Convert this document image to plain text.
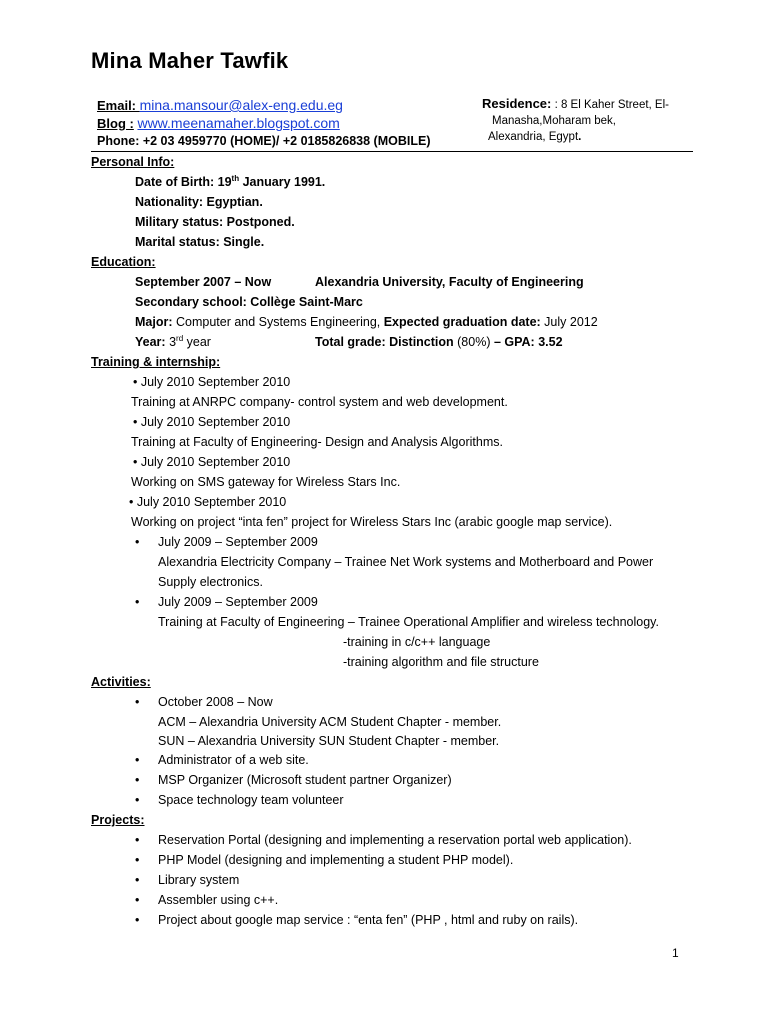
Mina Maher Tawfik
Email: mina.mansour@alex-eng.edu.eg
Blog : www.meenamaher.blogspot.com
Phone: +2 03 4959770 (HOME)/ +2 0185826838 (MOBILE)
Residence: : 8 El Kaher Street, El-
Manasha,Moharam bek,
Alexandria, Egypt.
Personal Info:
Date of Birth: 19th January 1991.
Nationality: Egyptian.
Military status: Postponed.
Marital status: Single.
Education:
September 2007 – Now	Alexandria University, Faculty of Engineering
Secondary school: Collège Saint-Marc
Major: Computer and Systems Engineering, Expected graduation date: July 2012
Year: 3rd year	Total grade: Distinction (80%) – GPA: 3.52
Training & internship:
• July 2010 September 2010
Training at ANRPC company- control system and web development.
• July 2010 September 2010
Training at Faculty of Engineering- Design and Analysis Algorithms.
• July 2010 September 2010
Working on SMS gateway for Wireless Stars Inc.
• July 2010 September 2010
Working on project “inta fen” project for Wireless Stars Inc (arabic google map service).
• July 2009 – September 2009
Alexandria Electricity Company – Trainee Net Work systems and Motherboard and Power
Supply electronics.
• July 2009 – September 2009
Training at Faculty of Engineering – Trainee Operational Amplifier and wireless technology.
-training in c/c++ language
-training algorithm and file structure
Activities:
• October 2008 – Now
ACM – Alexandria University ACM Student Chapter - member.
SUN – Alexandria University SUN Student Chapter - member.
• Administrator of a web site.
• MSP Organizer (Microsoft student partner Organizer)
• Space technology team volunteer
Projects:
• Reservation Portal (designing and implementing a reservation portal web application).
• PHP Model (designing and implementing a student PHP model).
• Library system
• Assembler using c++.
• Project about google map service : “enta fen” (PHP , html and ruby on rails).
1
